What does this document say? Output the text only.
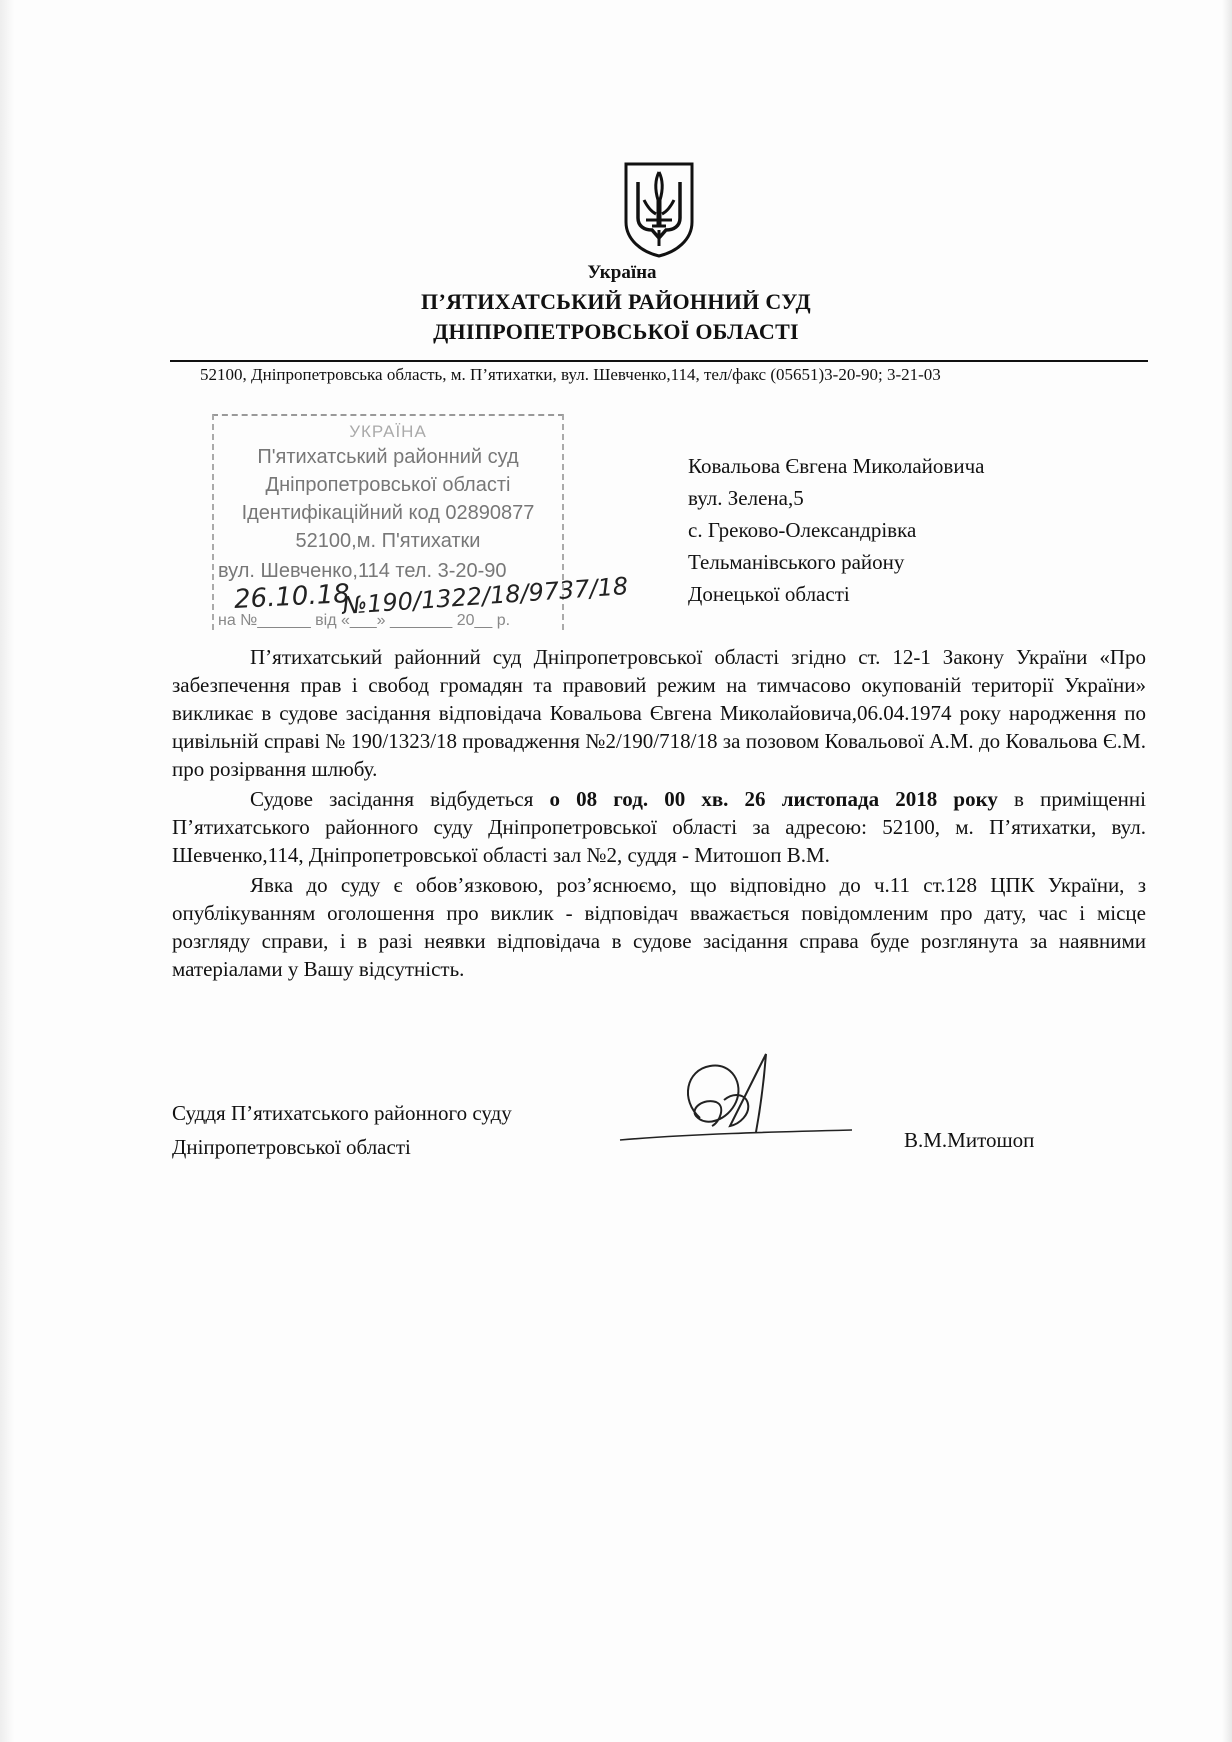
Україна
П’ЯТИХАТСЬКИЙ РАЙОННИЙ СУД
ДНІПРОПЕТРОВСЬКОЇ ОБЛАСТІ
52100, Дніпропетровська область, м. П’ятихатки, вул. Шевченко,114, тел/факс (05651)3-20-90; 3-21-03
УКРАЇНА
П'ятихатський районний суд
Дніпропетровської області
Ідентифікаційний код 02890877
52100,м. П'ятихатки
вул. Шевченко,114 тел. 3-20-90
26.10.18
№190/1322/18/9737/18
на №______ від «___» _______ 20__ р.
Ковальова Євгена Миколайовича
вул. Зелена,5
с. Греково-Олександрівка
Тельманівського району
Донецької області

П’ятихатський районний суд Дніпропетровської області згідно ст. 12-1 Закону України «Про забезпечення прав і свобод громадян та правовий режим на тимчасово окупованій території України» викликає в судове засідання відповідача Ковальова Євгена Миколайовича,06.04.1974 року народження по цивільній справі № 190/1323/18 провадження №2/190/718/18 за позовом Ковальової А.М. до Ковальова Є.М. про розірвання шлюбу.

Судове засідання відбудеться о 08 год. 00 хв. 26 листопада 2018 року в приміщенні П’ятихатського районного суду Дніпропетровської області за адресою: 52100, м. П’ятихатки, вул. Шевченко,114, Дніпропетровської області зал №2, суддя - Митошоп В.М.

Явка до суду є обов’язковою, роз’яснюємо, що відповідно до ч.11 ст.128 ЦПК України, з опублікуванням оголошення про виклик - відповідач вважається повідомленим про дату, час і місце розгляду справи, і в разі неявки відповідача в судове засідання справа буде розглянута за наявними матеріалами у Вашу відсутність.

Суддя П’ятихатського районного суду
Дніпропетровської області	В.М.Митошоп
